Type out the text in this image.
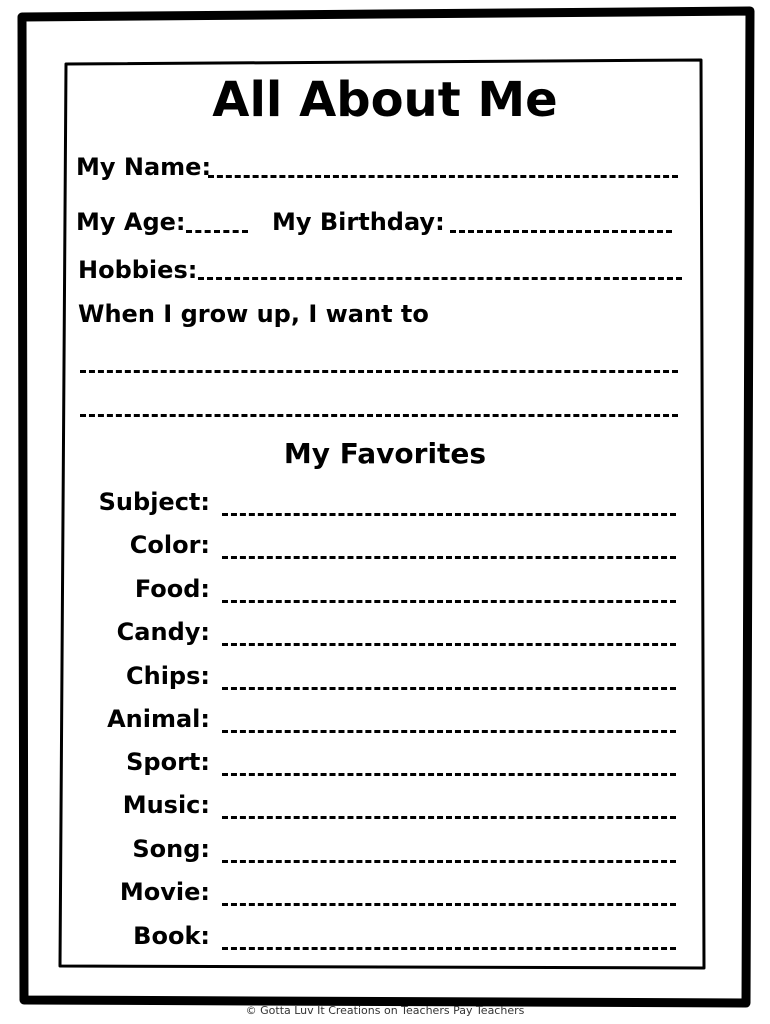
All About Me
My Name:
My Age:	My Birthday:
Hobbies:
When I grow up, I want to
My Favorites
Subject:
Color:
Food:
Candy:
Chips:
Animal:
Sport:
Music:
Song:
Movie:
Book:
© Gotta Luv It Creations on Teachers Pay Teachers
